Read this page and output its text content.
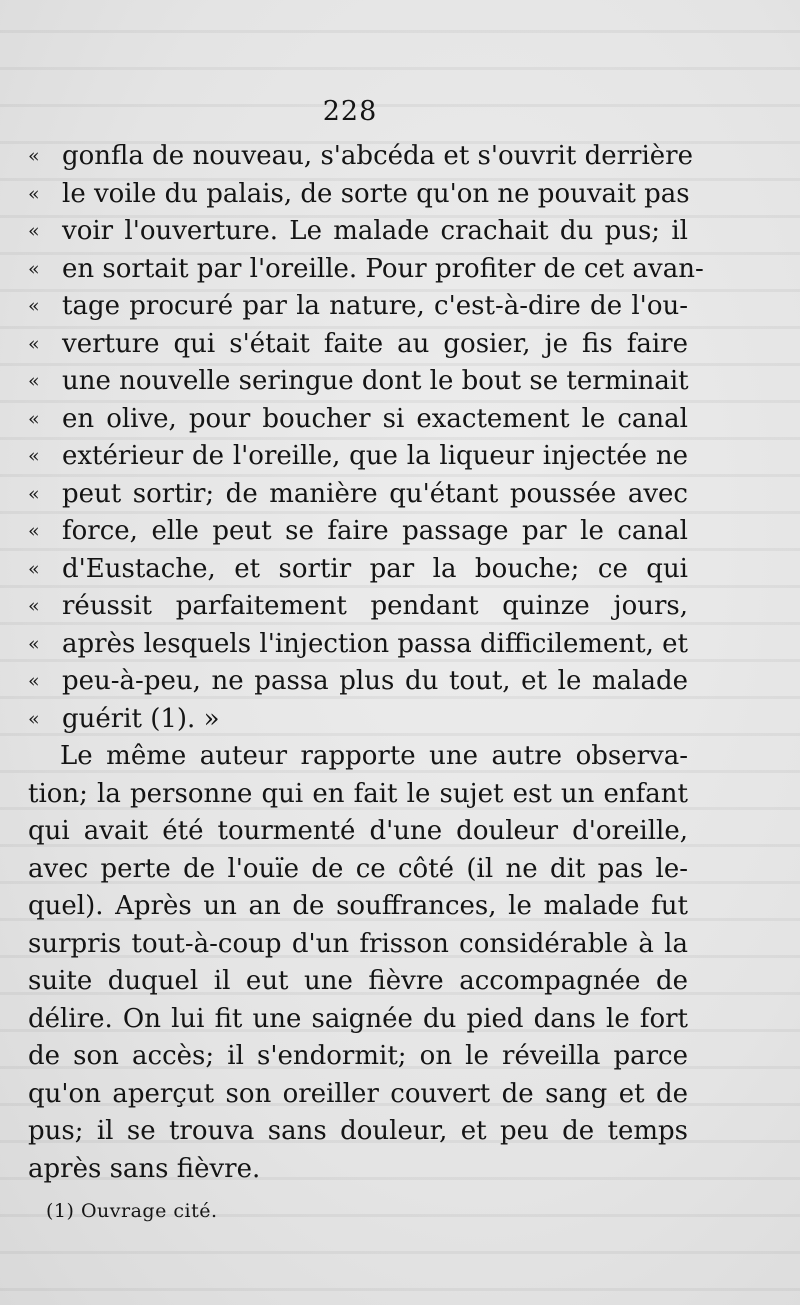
228
« gonfla de nouveau, s'abcéda et s'ouvrit derrière
« le voile du palais, de sorte qu'on ne pouvait pas
« voir l'ouverture. Le malade crachait du pus; il
« en sortait par l'oreille. Pour profiter de cet avan-
« tage procuré par la nature, c'est-à-dire de l'ou-
« verture qui s'était faite au gosier, je fis faire
« une nouvelle seringue dont le bout se terminait
« en olive, pour boucher si exactement le canal
« extérieur de l'oreille, que la liqueur injectée ne
« peut sortir; de manière qu'étant poussée avec
« force, elle peut se faire passage par le canal
« d'Eustache, et sortir par la bouche; ce qui
« réussit parfaitement pendant quinze jours,
« après lesquels l'injection passa difficilement, et
« peu-à-peu, ne passa plus du tout, et le malade
« guérit (1). »
Le même auteur rapporte une autre observa-
tion; la personne qui en fait le sujet est un enfant
qui avait été tourmenté d'une douleur d'oreille,
avec perte de l'ouïe de ce côté (il ne dit pas le-
quel). Après un an de souffrances, le malade fut
surpris tout-à-coup d'un frisson considérable à la
suite duquel il eut une fièvre accompagnée de
délire. On lui fit une saignée du pied dans le fort
de son accès; il s'endormit; on le réveilla parce
qu'on aperçut son oreiller couvert de sang et de
pus; il se trouva sans douleur, et peu de temps
après sans fièvre.
(1) Ouvrage cité.
